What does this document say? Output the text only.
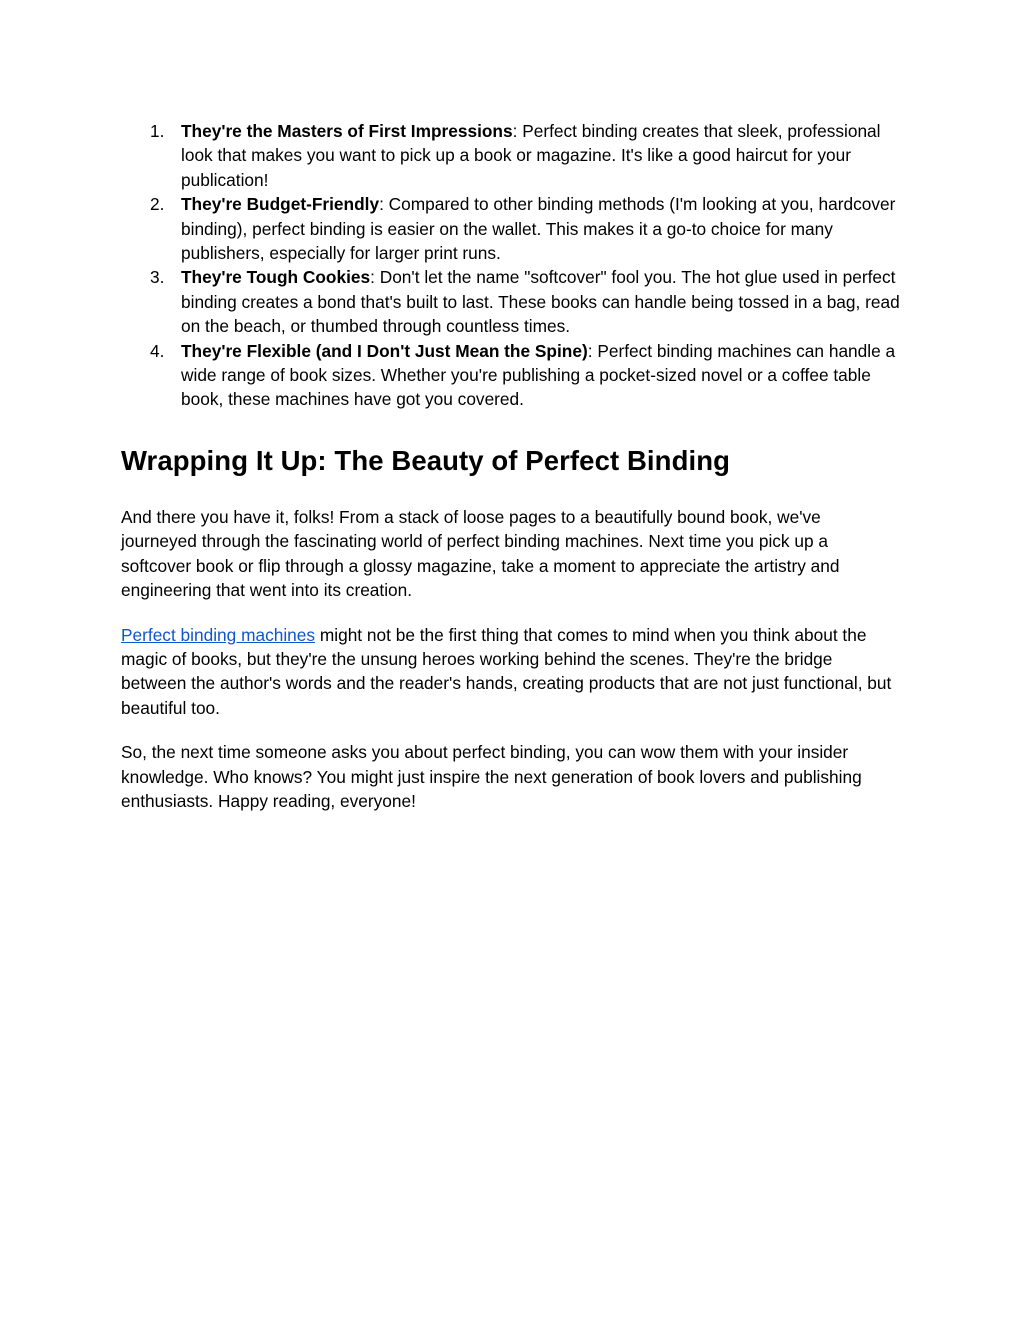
1. They're the Masters of First Impressions: Perfect binding creates that sleek, professional look that makes you want to pick up a book or magazine. It's like a good haircut for your publication!
2. They're Budget-Friendly: Compared to other binding methods (I'm looking at you, hardcover binding), perfect binding is easier on the wallet. This makes it a go-to choice for many publishers, especially for larger print runs.
3. They're Tough Cookies: Don't let the name "softcover" fool you. The hot glue used in perfect binding creates a bond that's built to last. These books can handle being tossed in a bag, read on the beach, or thumbed through countless times.
4. They're Flexible (and I Don't Just Mean the Spine): Perfect binding machines can handle a wide range of book sizes. Whether you're publishing a pocket-sized novel or a coffee table book, these machines have got you covered.
Wrapping It Up: The Beauty of Perfect Binding

And there you have it, folks! From a stack of loose pages to a beautifully bound book, we've journeyed through the fascinating world of perfect binding machines. Next time you pick up a softcover book or flip through a glossy magazine, take a moment to appreciate the artistry and engineering that went into its creation.

Perfect binding machines might not be the first thing that comes to mind when you think about the magic of books, but they're the unsung heroes working behind the scenes. They're the bridge between the author's words and the reader's hands, creating products that are not just functional, but beautiful too.

So, the next time someone asks you about perfect binding, you can wow them with your insider knowledge. Who knows? You might just inspire the next generation of book lovers and publishing enthusiasts. Happy reading, everyone!
